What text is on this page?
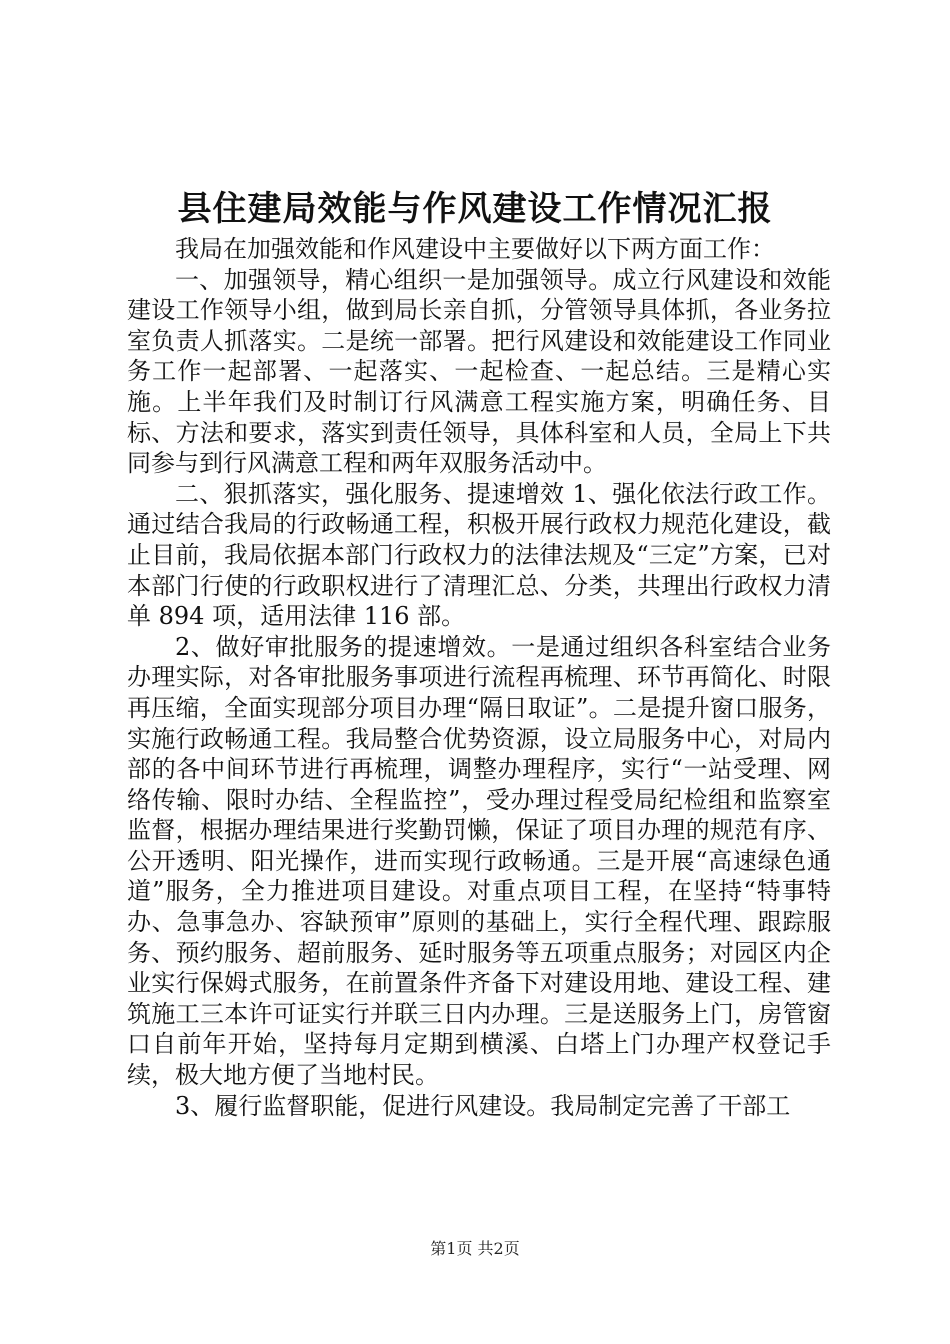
县住建局效能与作风建设工作情况汇报

我局在加强效能和作风建设中主要做好以下两方面工作：

一、加强领导，精心组织一是加强领导。成立行风建设和效能建设工作领导小组，做到局长亲自抓，分管领导具体抓，各业务拉室负责人抓落实。二是统一部署。把行风建设和效能建设工作同业务工作一起部署、一起落实、一起检查、一起总结。三是精心实施。上半年我们及时制订行风满意工程实施方案，明确任务、目标、方法和要求，落实到责任领导，具体科室和人员，全局上下共同参与到行风满意工程和两年双服务活动中。

二、狠抓落实，强化服务、提速增效 1、强化依法行政工作。通过结合我局的行政畅通工程，积极开展行政权力规范化建设，截止目前，我局依据本部门行政权力的法律法规及“三定”方案，已对本部门行使的行政职权进行了清理汇总、分类，共理出行政权力清单 894 项，适用法律 116 部。

2、做好审批服务的提速增效。一是通过组织各科室结合业务办理实际，对各审批服务事项进行流程再梳理、环节再简化、时限再压缩，全面实现部分项目办理“隔日取证”。二是提升窗口服务，实施行政畅通工程。我局整合优势资源，设立局服务中心，对局内部的各中间环节进行再梳理，调整办理程序，实行“一站受理、网络传输、限时办结、全程监控”，受办理过程受局纪检组和监察室监督，根据办理结果进行奖勤罚懒，保证了项目办理的规范有序、公开透明、阳光操作，进而实现行政畅通。三是开展“高速绿色通道”服务，全力推进项目建设。对重点项目工程，在坚持“特事特办、急事急办、容缺预审”原则的基础上，实行全程代理、跟踪服务、预约服务、超前服务、延时服务等五项重点服务；对园区内企业实行保姆式服务，在前置条件齐备下对建设用地、建设工程、建筑施工三本许可证实行并联三日内办理。三是送服务上门，房管窗口自前年开始，坚持每月定期到横溪、白塔上门办理产权登记手续，极大地方便了当地村民。

3、履行监督职能，促进行风建设。我局制定完善了干部工

第1页 共2页
